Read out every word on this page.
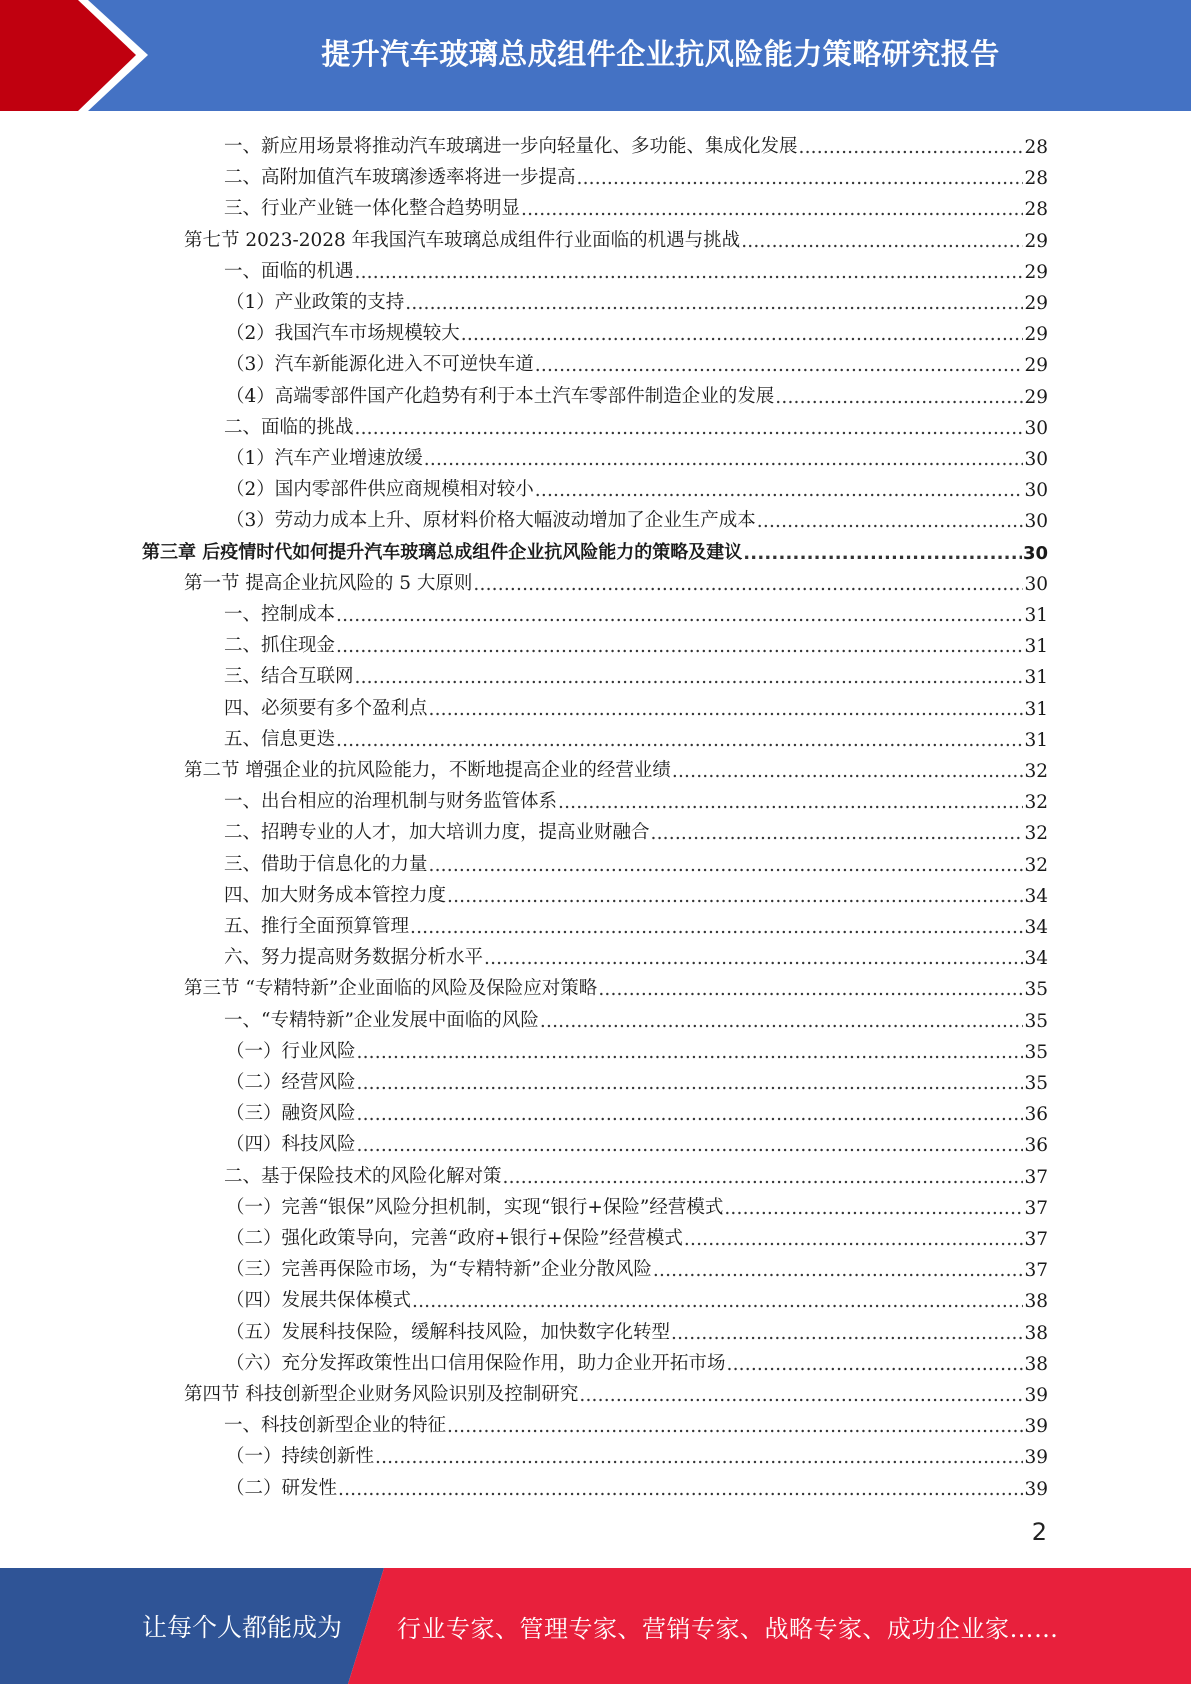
提升汽车玻璃总成组件企业抗风险能力策略研究报告
一、新应用场景将推动汽车玻璃进一步向轻量化、多功能、集成化发展 .....	28
二、高附加值汽车玻璃渗透率将进一步提高 .....	28
三、行业产业链一体化整合趋势明显 .....	28
第七节 2023-2028 年我国汽车玻璃总成组件行业面临的机遇与挑战 .....	29
一、面临的机遇 .....	29
（1）产业政策的支持 .....	29
（2）我国汽车市场规模较大 .....	29
（3）汽车新能源化进入不可逆快车道 .....	29
（4）高端零部件国产化趋势有利于本土汽车零部件制造企业的发展 .....	29
二、面临的挑战 .....	30
（1）汽车产业增速放缓 .....	30
（2）国内零部件供应商规模相对较小 .....	30
（3）劳动力成本上升、原材料价格大幅波动增加了企业生产成本 .....	30
第三章 后疫情时代如何提升汽车玻璃总成组件企业抗风险能力的策略及建议 .....	30
第一节 提高企业抗风险的 5 大原则 .....	30
一、控制成本 .....	31
二、抓住现金 .....	31
三、结合互联网 .....	31
四、必须要有多个盈利点 .....	31
五、信息更迭 .....	31
第二节 增强企业的抗风险能力，不断地提高企业的经营业绩 .....	32
一、出台相应的治理机制与财务监管体系 .....	32
二、招聘专业的人才，加大培训力度，提高业财融合 .....	32
三、借助于信息化的力量 .....	32
四、加大财务成本管控力度 .....	34
五、推行全面预算管理 .....	34
六、努力提高财务数据分析水平 .....	34
第三节 “专精特新”企业面临的风险及保险应对策略 .....	35
一、“专精特新”企业发展中面临的风险 .....	35
（一）行业风险 .....	35
（二）经营风险 .....	35
（三）融资风险 .....	36
（四）科技风险 .....	36
二、基于保险技术的风险化解对策 .....	37
（一）完善“银保”风险分担机制，实现“银行+保险”经营模式 .....	37
（二）强化政策导向，完善“政府+银行+保险”经营模式 .....	37
（三）完善再保险市场，为“专精特新”企业分散风险 .....	37
（四）发展共保体模式 .....	38
（五）发展科技保险，缓解科技风险，加快数字化转型 .....	38
（六）充分发挥政策性出口信用保险作用，助力企业开拓市场 .....	38
第四节 科技创新型企业财务风险识别及控制研究 .....	39
一、科技创新型企业的特征 .....	39
（一）持续创新性 .....	39
（二）研发性 .....	39
2
让每个人都能成为 行业专家、管理专家、营销专家、战略专家、成功企业家……
